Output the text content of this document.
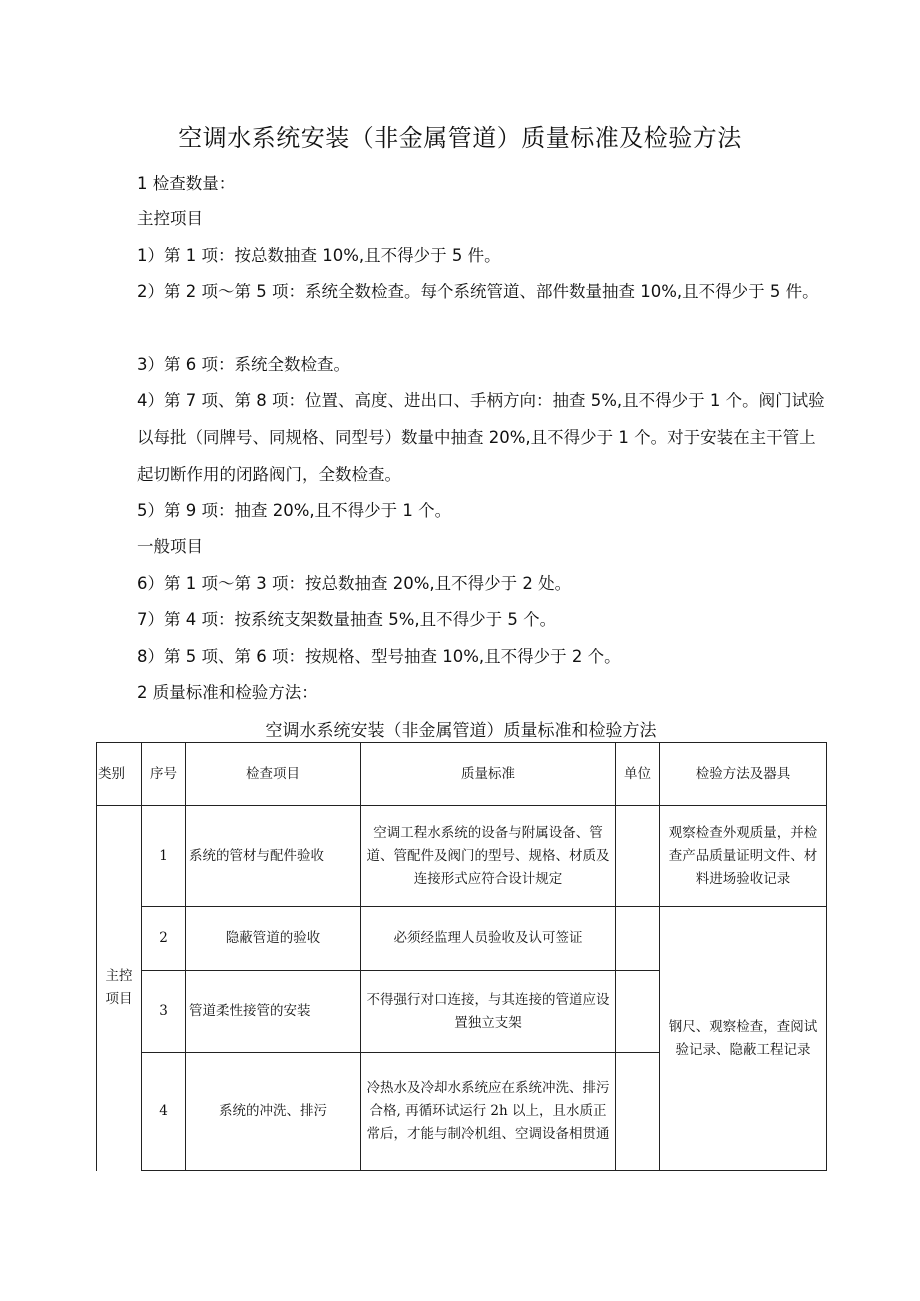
空调水系统安装（非金属管道）质量标准及检验方法

1 检查数量：

主控项目

1）第 1 项：按总数抽查 10%,且不得少于 5 件。

2）第 2 项～第 5 项：系统全数检查。每个系统管道、部件数量抽查 10%,且不得少于 5 件。

3）第 6 项：系统全数检查。

4）第 7 项、第 8 项：位置、高度、进出口、手柄方向：抽查 5%,且不得少于 1 个。阀门试验以每批（同牌号、同规格、同型号）数量中抽查 20%,且不得少于 1 个。对于安装在主干管上起切断作用的闭路阀门，全数检查。

5）第 9 项：抽查 20%,且不得少于 1 个。

一般项目

6）第 1 项～第 3 项：按总数抽查 20%,且不得少于 2 处。

7）第 4 项：按系统支架数量抽查 5%,且不得少于 5 个。

8）第 5 项、第 6 项：按规格、型号抽查 10%,且不得少于 2 个。

2 质量标准和检验方法：

空调水系统安装（非金属管道）质量标准和检验方法
类别	序号	检查项目	质量标准	单位	检验方法及器具
主控项目	1	系统的管材与配件验收	空调工程水系统的设备与附属设备、管道、管配件及阀门的型号、规格、材质及连接形式应符合设计规定		观察检查外观质量，并检查产品质量证明文件、材料进场验收记录
	2	隐蔽管道的验收	必须经监理人员验收及认可签证		钢尺、观察检查，查阅试验记录、隐蔽工程记录
	3	管道柔性接管的安装	不得强行对口连接，与其连接的管道应设置独立支架		
	4	系统的冲洗、排污	冷热水及冷却水系统应在系统冲洗、排污合格, 再循环试运行 2h 以上，且水质正常后，才能与制冷机组、空调设备相贯通		
